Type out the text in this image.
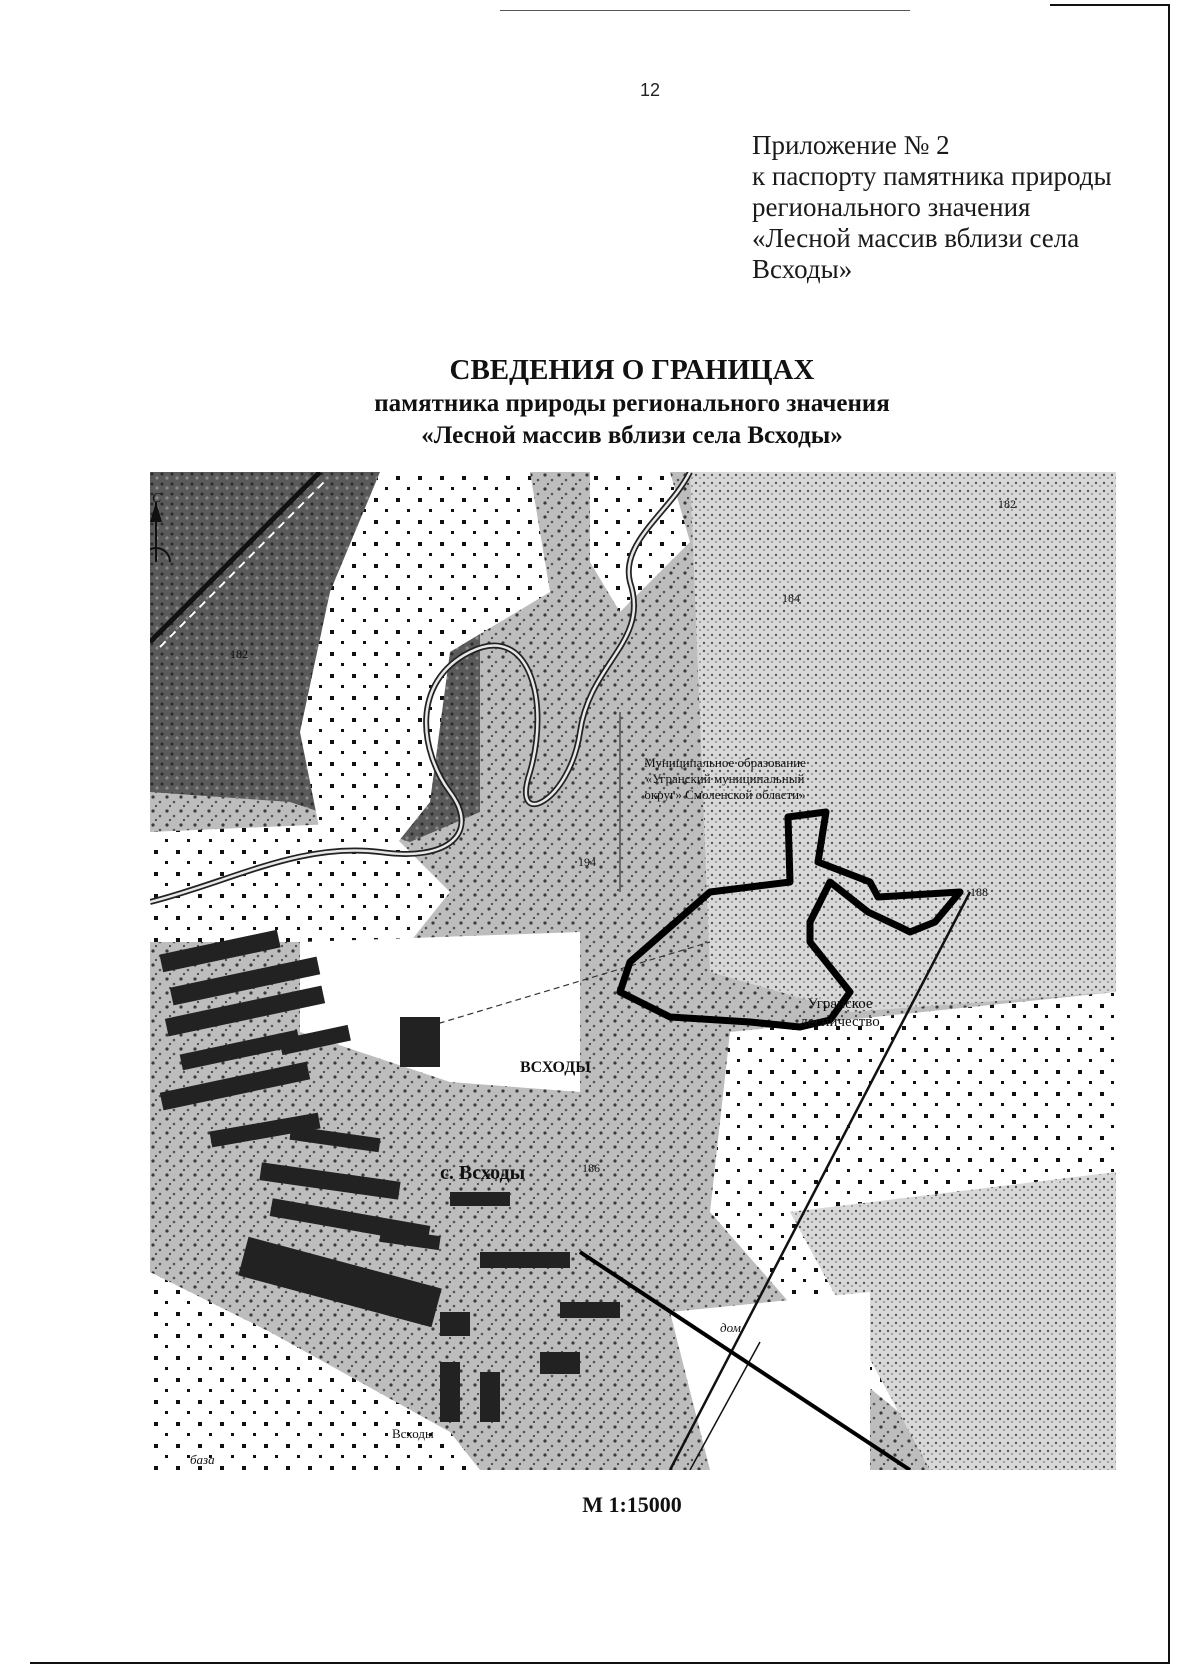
12
Приложение № 2
к паспорту памятника природы
регионального значения
«Лесной массив вблизи села
Всходы»
СВЕДЕНИЯ О ГРАНИЦАХ
памятника природы регионального значения
«Лесной массив вблизи села Всходы»
С
Муниципальное образование
«Угранский муниципальный
округ» Смоленской области»
Угранское
лесничество
с. Всходы
Всходы
ВСХОДЫ
дом
база
182
182
184
194
188
186
М 1:15000
